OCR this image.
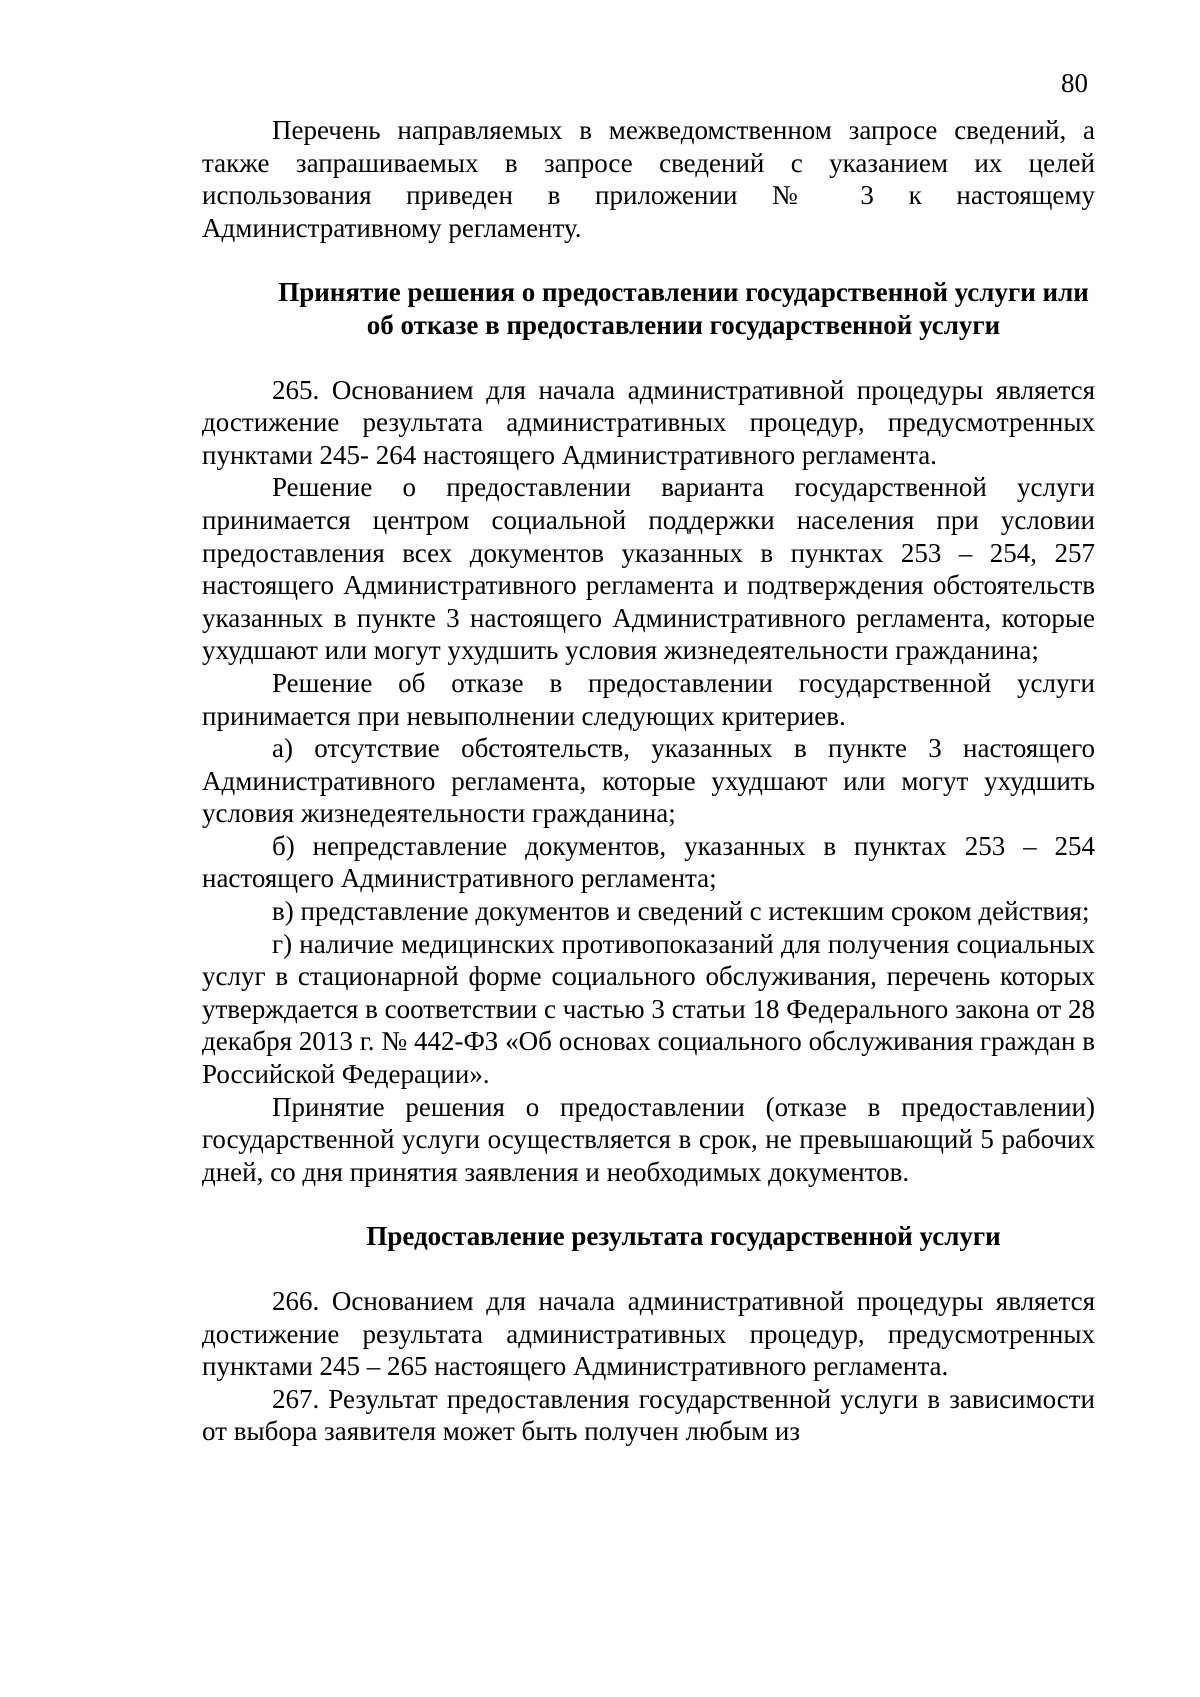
80

Перечень направляемых в межведомственном запросе сведений, а также запрашиваемых в запросе сведений с указанием их целей использования приведен в приложении № 3 к настоящему Административному регламенту.

Принятие решения о предоставлении государственной услуги или об отказе в предоставлении государственной услуги

265. Основанием для начала административной процедуры является достижение результата административных процедур, предусмотренных пунктами 245- 264 настоящего Административного регламента.

Решение о предоставлении варианта государственной услуги принимается центром социальной поддержки населения при условии предоставления всех документов указанных в пунктах 253 – 254, 257 настоящего Административного регламента и подтверждения обстоятельств указанных в пункте 3 настоящего Административного регламента, которые ухудшают или могут ухудшить условия жизнедеятельности гражданина;

Решение об отказе в предоставлении государственной услуги принимается при невыполнении следующих критериев.

а) отсутствие обстоятельств, указанных в пункте 3 настоящего Административного регламента, которые ухудшают или могут ухудшить условия жизнедеятельности гражданина;

б) непредставление документов, указанных в пунктах 253 – 254 настоящего Административного регламента;

в) представление документов и сведений с истекшим сроком действия;

г) наличие медицинских противопоказаний для получения социальных услуг в стационарной форме социального обслуживания, перечень которых утверждается в соответствии с частью 3 статьи 18 Федерального закона от 28 декабря 2013 г. № 442-ФЗ «Об основах социального обслуживания граждан в Российской Федерации».

Принятие решения о предоставлении (отказе в предоставлении) государственной услуги осуществляется в срок, не превышающий 5 рабочих дней, со дня принятия заявления и необходимых документов.

Предоставление результата государственной услуги

266. Основанием для начала административной процедуры является достижение результата административных процедур, предусмотренных пунктами 245 – 265 настоящего Административного регламента.

267. Результат предоставления государственной услуги в зависимости от выбора заявителя может быть получен любым из
